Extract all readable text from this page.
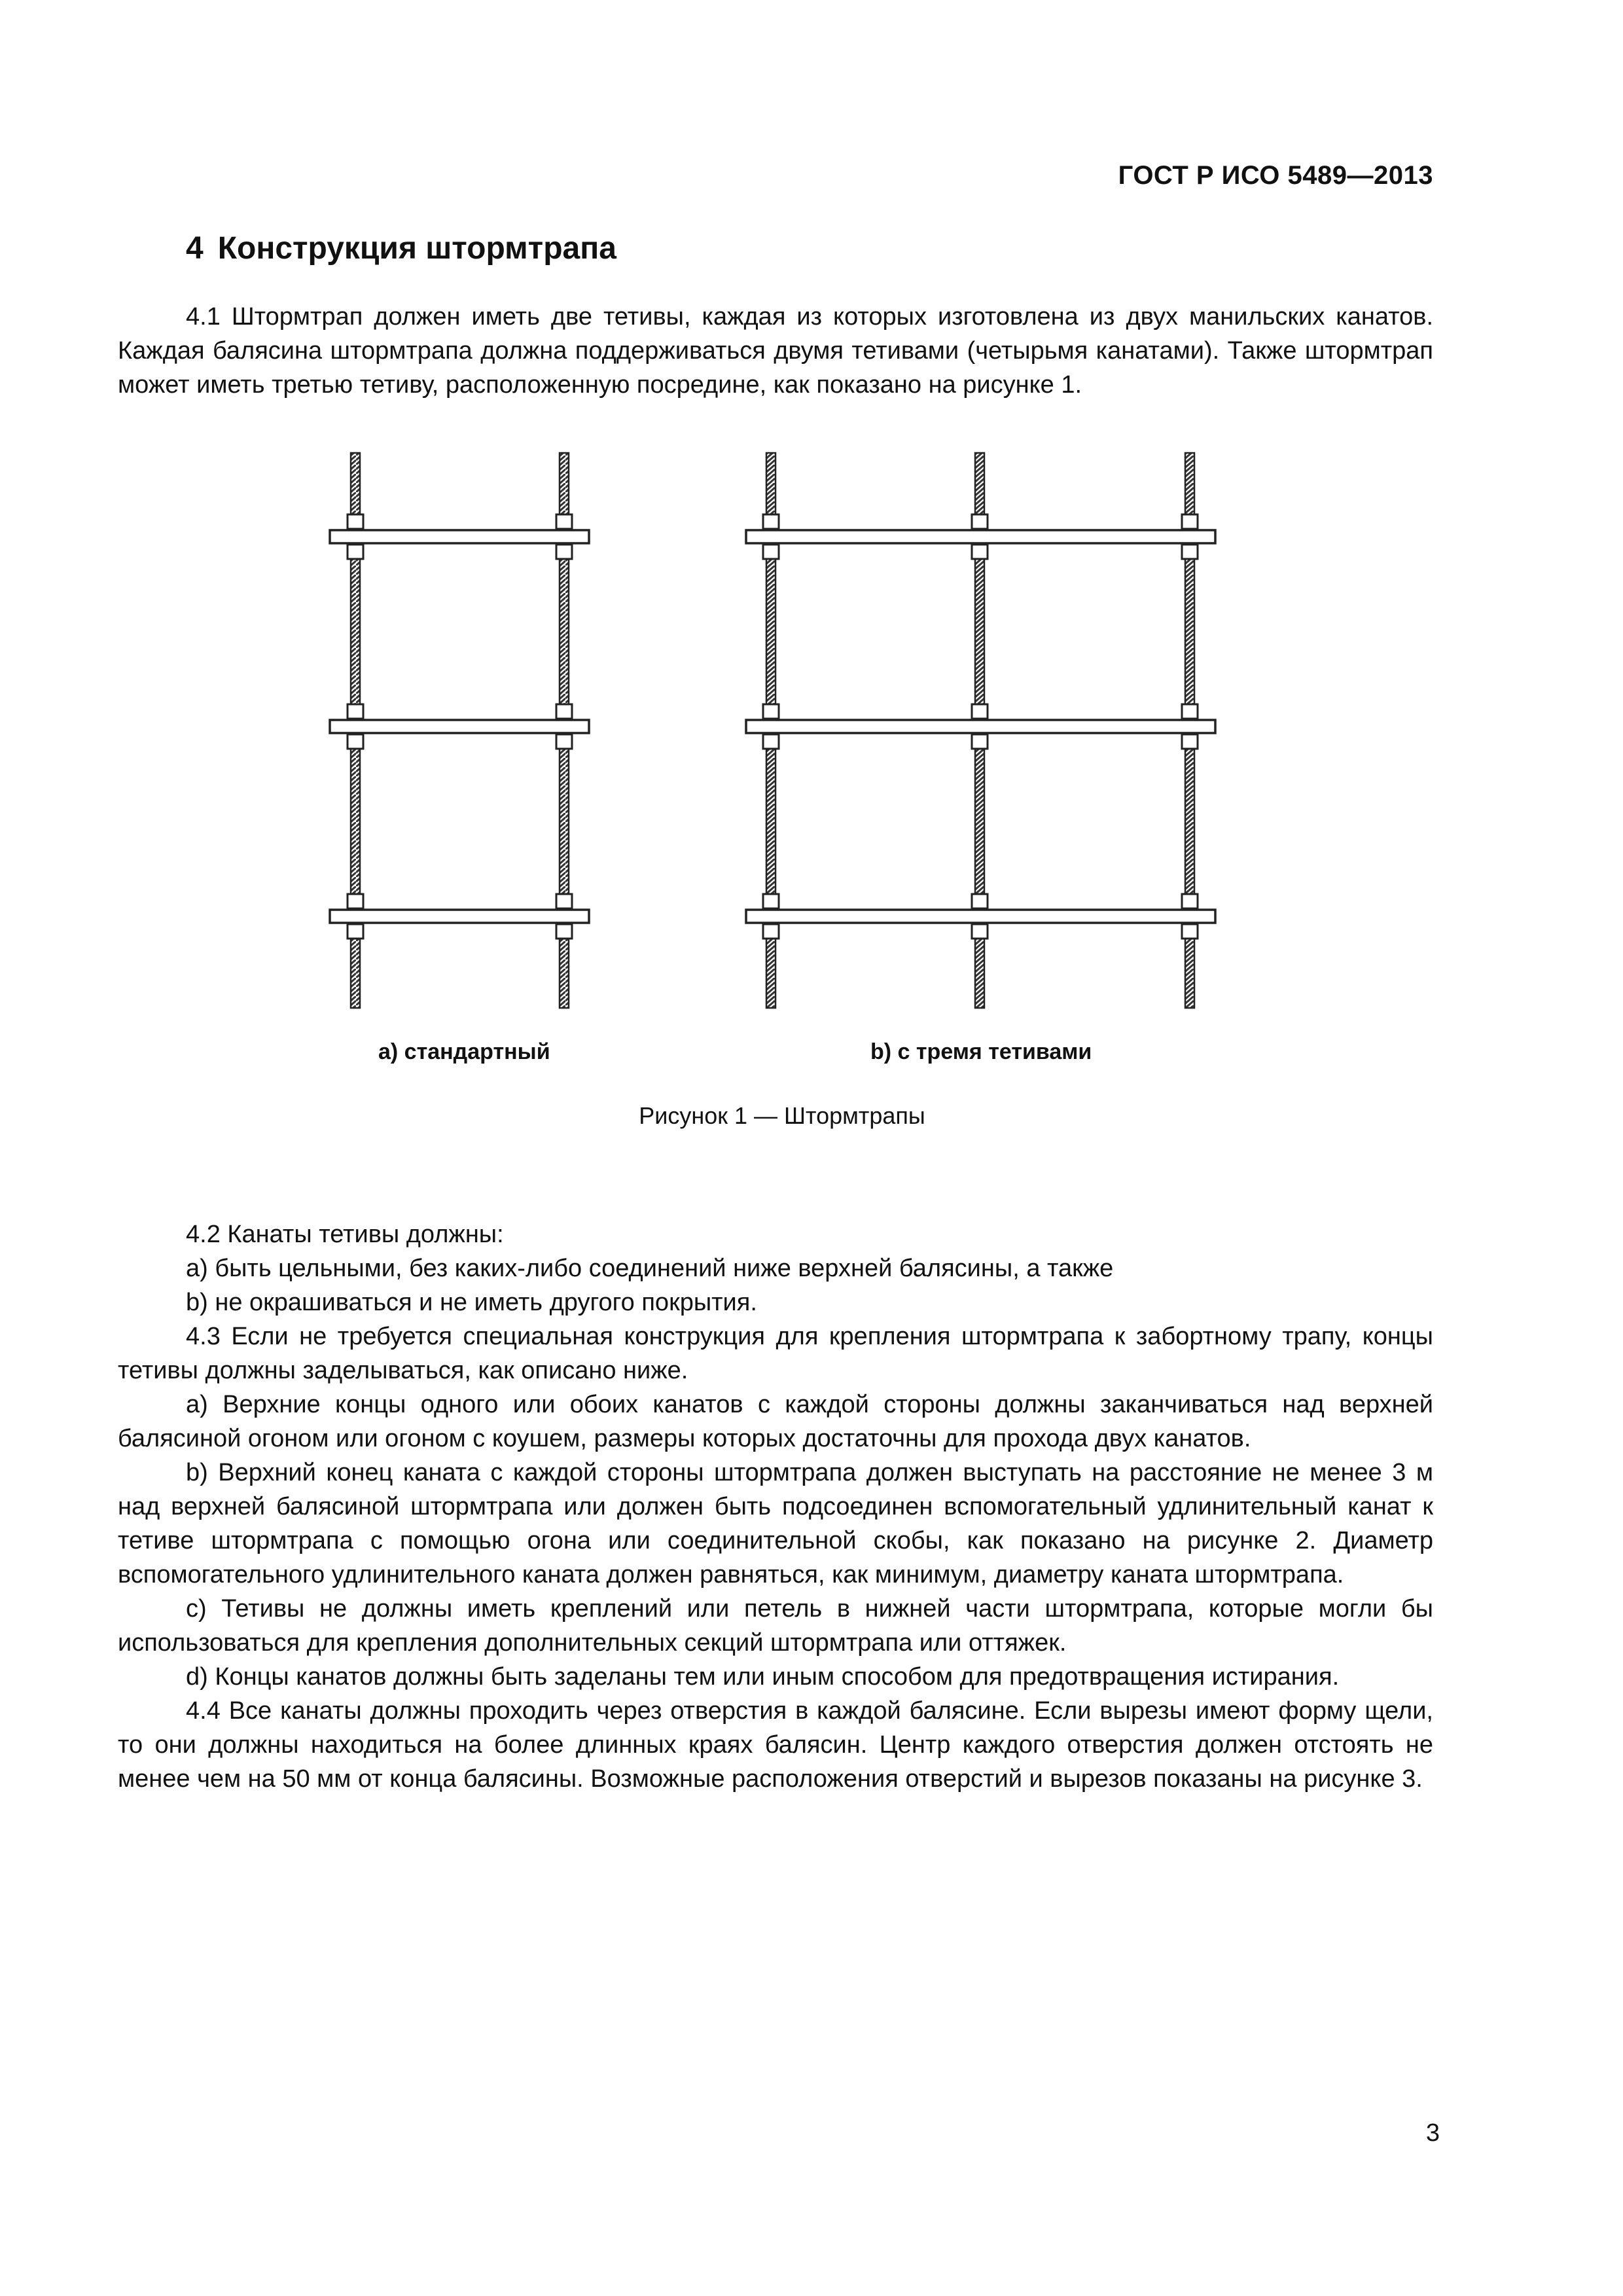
ГОСТ Р ИСО 5489—2013
4 Конструкция штормтрапа

4.1 Штормтрап должен иметь две тетивы, каждая из которых изготовлена из двух манильских канатов. Каждая балясина штормтрапа должна поддерживаться двумя тетивами (четырьмя канатами). Также штормтрап может иметь третью тетиву, расположенную посредине, как показано на рисунке 1.

a) стандартный	b) с тремя тетивами
Рисунок 1 — Штормтрапы

4.2 Канаты тетивы должны:

a) быть цельными, без каких-либо соединений ниже верхней балясины, а также

b) не окрашиваться и не иметь другого покрытия.

4.3 Если не требуется специальная конструкция для крепления штормтрапа к забортному трапу, концы тетивы должны заделываться, как описано ниже.

a) Верхние концы одного или обоих канатов с каждой стороны должны заканчиваться над верхней балясиной огоном или огоном с коушем, размеры которых достаточны для прохода двух канатов.

b) Верхний конец каната с каждой стороны штормтрапа должен выступать на расстояние не менее 3 м над верхней балясиной штормтрапа или должен быть подсоединен вспомогательный удлинительный канат к тетиве штормтрапа с помощью огона или соединительной скобы, как показано на рисунке 2. Диаметр вспомогательного удлинительного каната должен равняться, как минимум, диаметру каната штормтрапа.

c) Тетивы не должны иметь креплений или петель в нижней части штормтрапа, которые могли бы использоваться для крепления дополнительных секций штормтрапа или оттяжек.

d) Концы канатов должны быть заделаны тем или иным способом для предотвращения истирания.

4.4 Все канаты должны проходить через отверстия в каждой балясине. Если вырезы имеют форму щели, то они должны находиться на более длинных краях балясин. Центр каждого отверстия должен отстоять не менее чем на 50 мм от конца балясины. Возможные расположения отверстий и вырезов показаны на рисунке 3.

3
